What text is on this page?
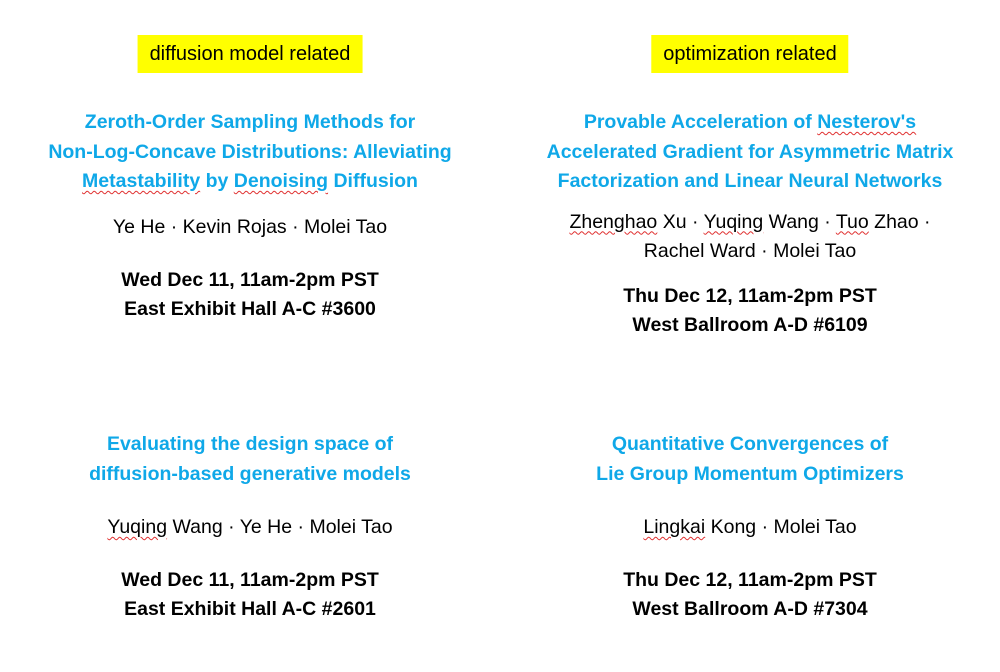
diffusion model related
Zeroth-Order Sampling Methods for
Non-Log-Concave Distributions: Alleviating
Metastability by Denoising Diffusion
Ye He · Kevin Rojas · Molei Tao
Wed Dec 11, 11am-2pm PST
East Exhibit Hall A-C #3600
Evaluating the design space of
diffusion-based generative models
Yuqing Wang · Ye He · Molei Tao
Wed Dec 11, 11am-2pm PST
East Exhibit Hall A-C #2601
optimization related
Provable Acceleration of Nesterov's
Accelerated Gradient for Asymmetric Matrix
Factorization and Linear Neural Networks
Zhenghao Xu · Yuqing Wang · Tuo Zhao ·
Rachel Ward · Molei Tao
Thu Dec 12, 11am-2pm PST
West Ballroom A-D #6109
Quantitative Convergences of
Lie Group Momentum Optimizers
Lingkai Kong · Molei Tao
Thu Dec 12, 11am-2pm PST
West Ballroom A-D #7304
